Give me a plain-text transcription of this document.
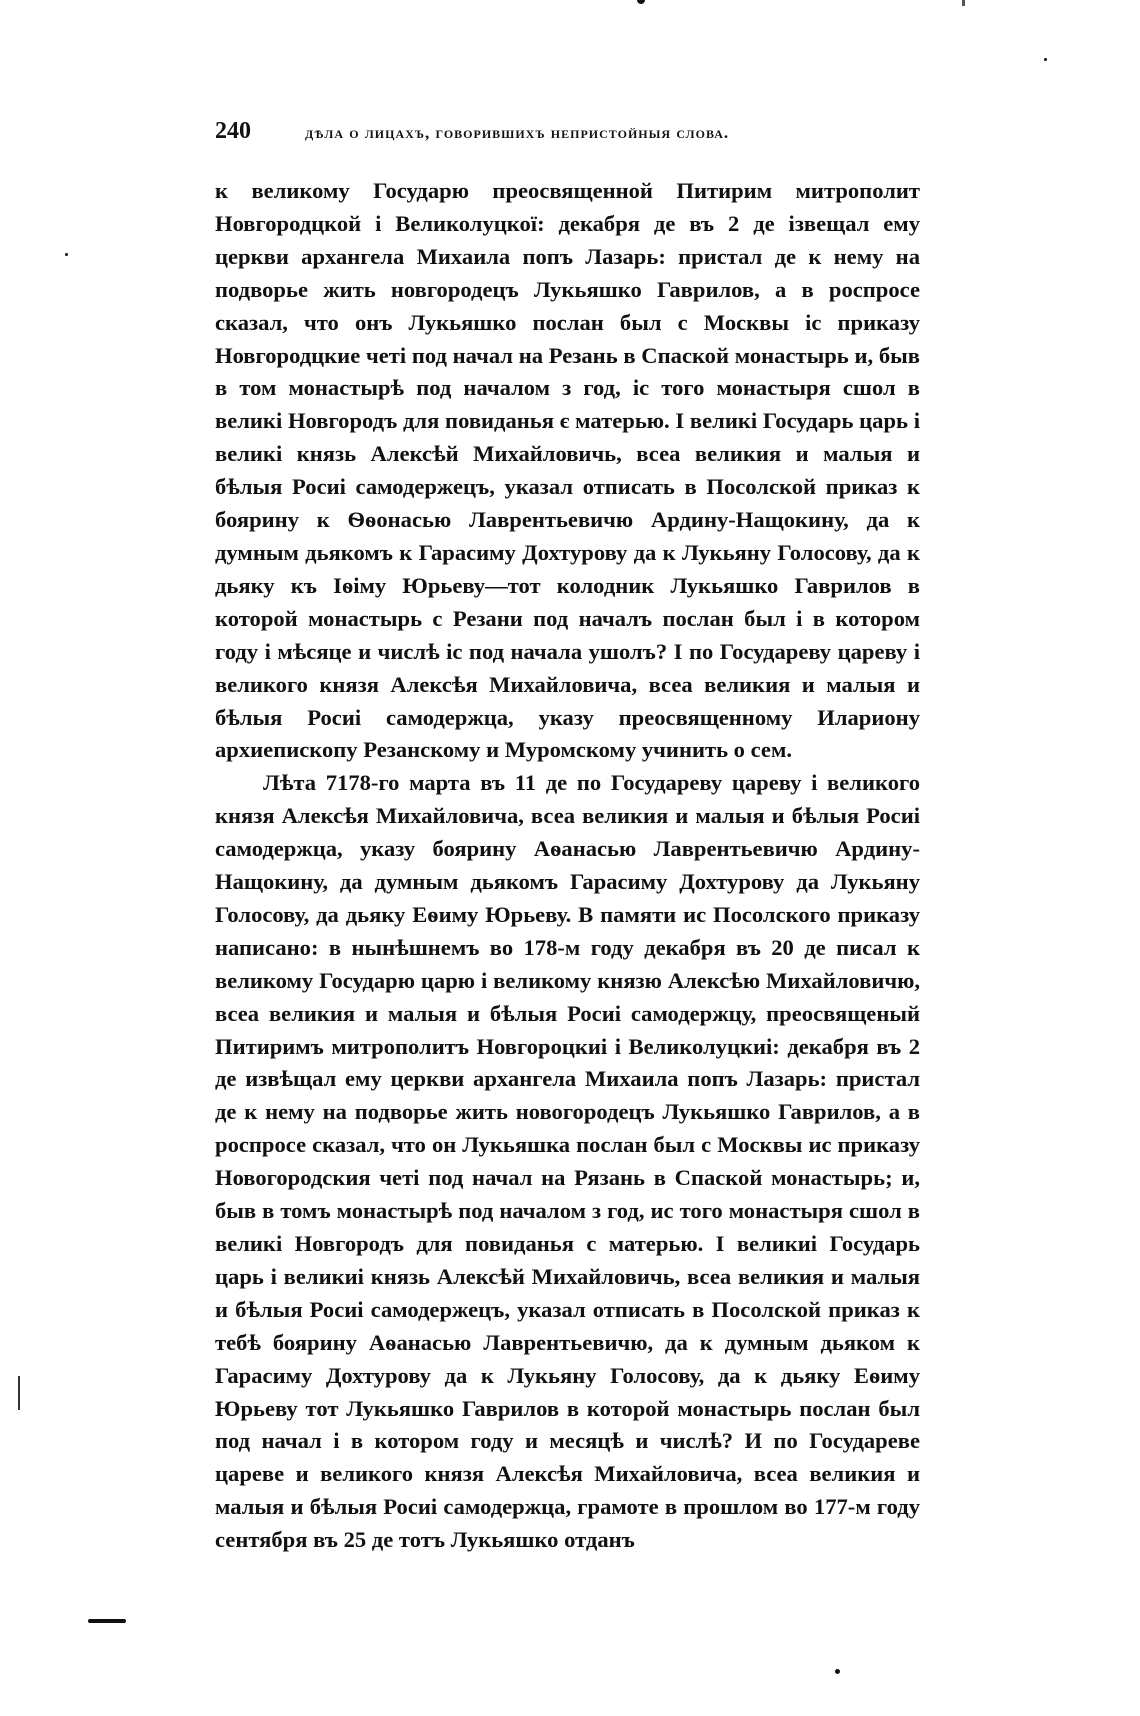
240	дѣла о лицахъ, говорившихъ непристойныя слова.

к великому Государю преосвященной Питирим митрополит Новгородцкой і Великолуцкої: декабря де въ 2 де ізвещал ему церкви архангела Михаила попъ Лазарь: пристал де к нему на подворье жить новгородецъ Лукьяшко Гаврилов, а в роспросе сказал, что онъ Лукьяшко послан был с Москвы іс приказу Новгородцкие четі под начал на Резань в Спаской монастырь и, быв в том монастырѣ под началом з год, іс того монастыря сшол в великі Новгородъ для повиданья є матерью. І великі Государь царь і великі князь Алексѣй Михайловичь, всеа великия и малыя и бѣлыя Росиі самодержецъ, указал отписать в Посолской приказ к боярину к Ѳѳонасью Лаврентьевичю Ардину-Нащокину, да к думным дьякомъ к Гарасиму Дохтурову да к Лукьяну Голосову, да к дьяку къ Іѳіму Юрьеву—тот колодник Лукьяшко Гаврилов в которой монастырь с Резани под началъ послан был і в котором году і мѣсяце и числѣ іс под начала ушолъ? І по Государеву цареву і великого князя Алексѣя Михайловича, всеа великия и малыя и бѣлыя Росиі самодержца, указу преосвященному Илариону архиепископу Резанскому и Муромскому учинить о сем.

Лѣта 7178-го марта въ 11 де по Государеву цареву і великого князя Алексѣя Михайловича, всеа великия и малыя и бѣлыя Росиі самодержца, указу боярину Аѳанасью Лаврентьевичю Ардину-Нащокину, да думным дьякомъ Гарасиму Дохтурову да Лукьяну Голосову, да дьяку Еѳиму Юрьеву. В памяти ис Посолского приказу написано: в нынѣшнемъ во 178-м году декабря въ 20 де писал к великому Государю царю і великому князю Алексѣю Михайловичю, всеа великия и малыя и бѣлыя Росиі самодержцу, преосвященый Питиримъ митрополитъ Новгороцкиі і Великолуцкиі: декабря въ 2 де извѣщал ему церкви архангела Михаила попъ Лазарь: пристал де к нему на подворье жить новогородецъ Лукьяшко Гаврилов, а в роспросе сказал, что он Лукьяшка послан был с Москвы ис приказу Новогородския четі под начал на Рязань в Спаской монастырь; и, быв в томъ монастырѣ под началом з год, ис того монастыря сшол в великі Новгородъ для повиданья с матерью. І великиі Государь царь і великиі князь Алексѣй Михайловичь, всеа великия и малыя и бѣлыя Росиі самодержецъ, указал отписать в Посолской приказ к тебѣ боярину Аѳанасью Лаврентьевичю, да к думным дьяком к Гарасиму Дохтурову да к Лукьяну Голосову, да к дьяку Еѳиму Юрьеву тот Лукьяшко Гаврилов в которой монастырь послан был под начал і в котором году и месяцѣ и числѣ? И по Государеве цареве и великого князя Алексѣя Михайловича, всеа великия и малыя и бѣлыя Росиі самодержца, грамоте в прошлом во 177-м году сентября въ 25 де тотъ Лукьяшко отданъ
